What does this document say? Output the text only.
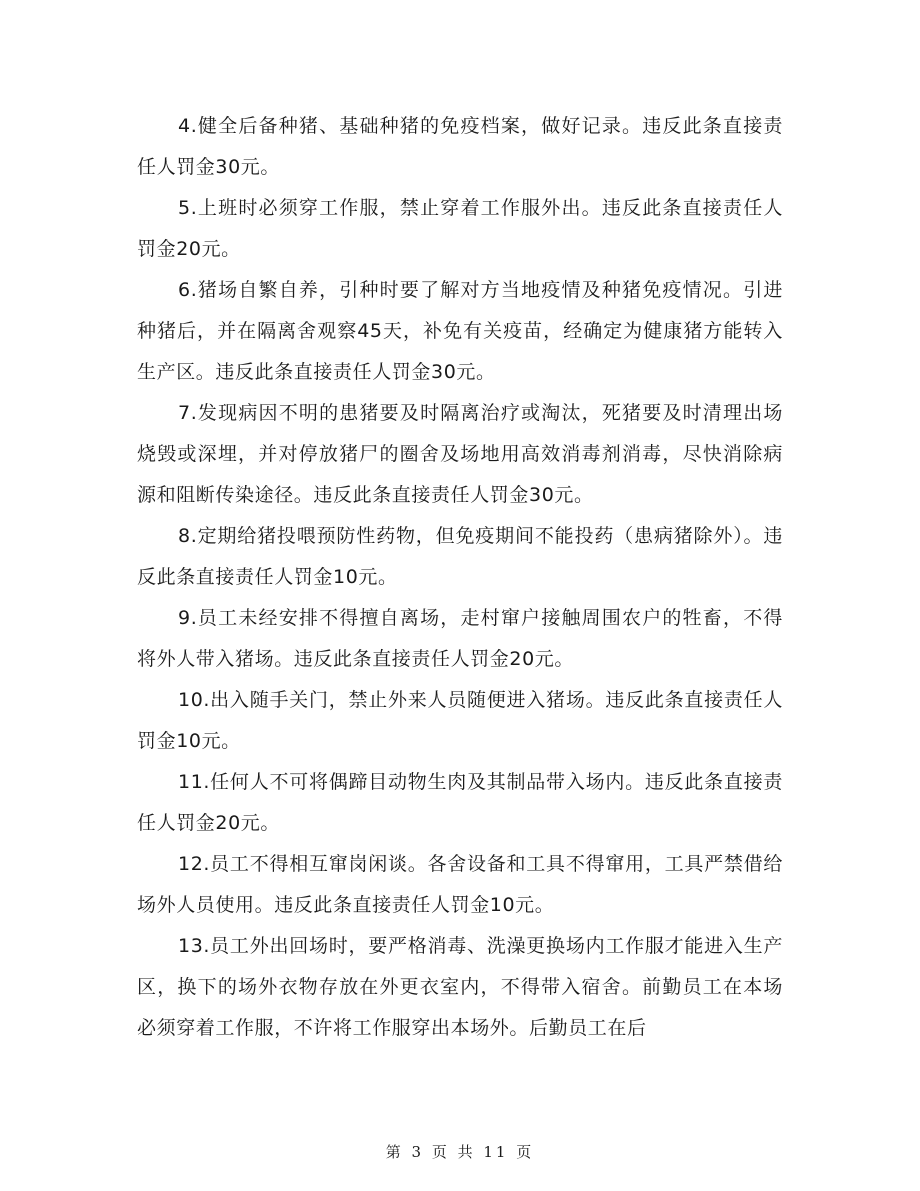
4.健全后备种猪、基础种猪的免疫档案，做好记录。违反此条直接责任人罚金30元。

5.上班时必须穿工作服，禁止穿着工作服外出。违反此条直接责任人罚金20元。

6.猪场自繁自养，引种时要了解对方当地疫情及种猪免疫情况。引进种猪后，并在隔离舍观察45天，补免有关疫苗，经确定为健康猪方能转入生产区。违反此条直接责任人罚金30元。

7.发现病因不明的患猪要及时隔离治疗或淘汰，死猪要及时清理出场烧毁或深埋，并对停放猪尸的圈舍及场地用高效消毒剂消毒，尽快消除病源和阻断传染途径。违反此条直接责任人罚金30元。

8.定期给猪投喂预防性药物，但免疫期间不能投药（患病猪除外）。违反此条直接责任人罚金10元。

9.员工未经安排不得擅自离场，走村窜户接触周围农户的牲畜，不得将外人带入猪场。违反此条直接责任人罚金20元。

10.出入随手关门，禁止外来人员随便进入猪场。违反此条直接责任人罚金10元。

11.任何人不可将偶蹄目动物生肉及其制品带入场内。违反此条直接责任人罚金20元。

12.员工不得相互窜岗闲谈。各舍设备和工具不得窜用，工具严禁借给场外人员使用。违反此条直接责任人罚金10元。

13.员工外出回场时，要严格消毒、洗澡更换场内工作服才能进入生产区，换下的场外衣物存放在外更衣室内，不得带入宿舍。前勤员工在本场必须穿着工作服，不许将工作服穿出本场外。后勤员工在后

第 3 页 共 11 页
